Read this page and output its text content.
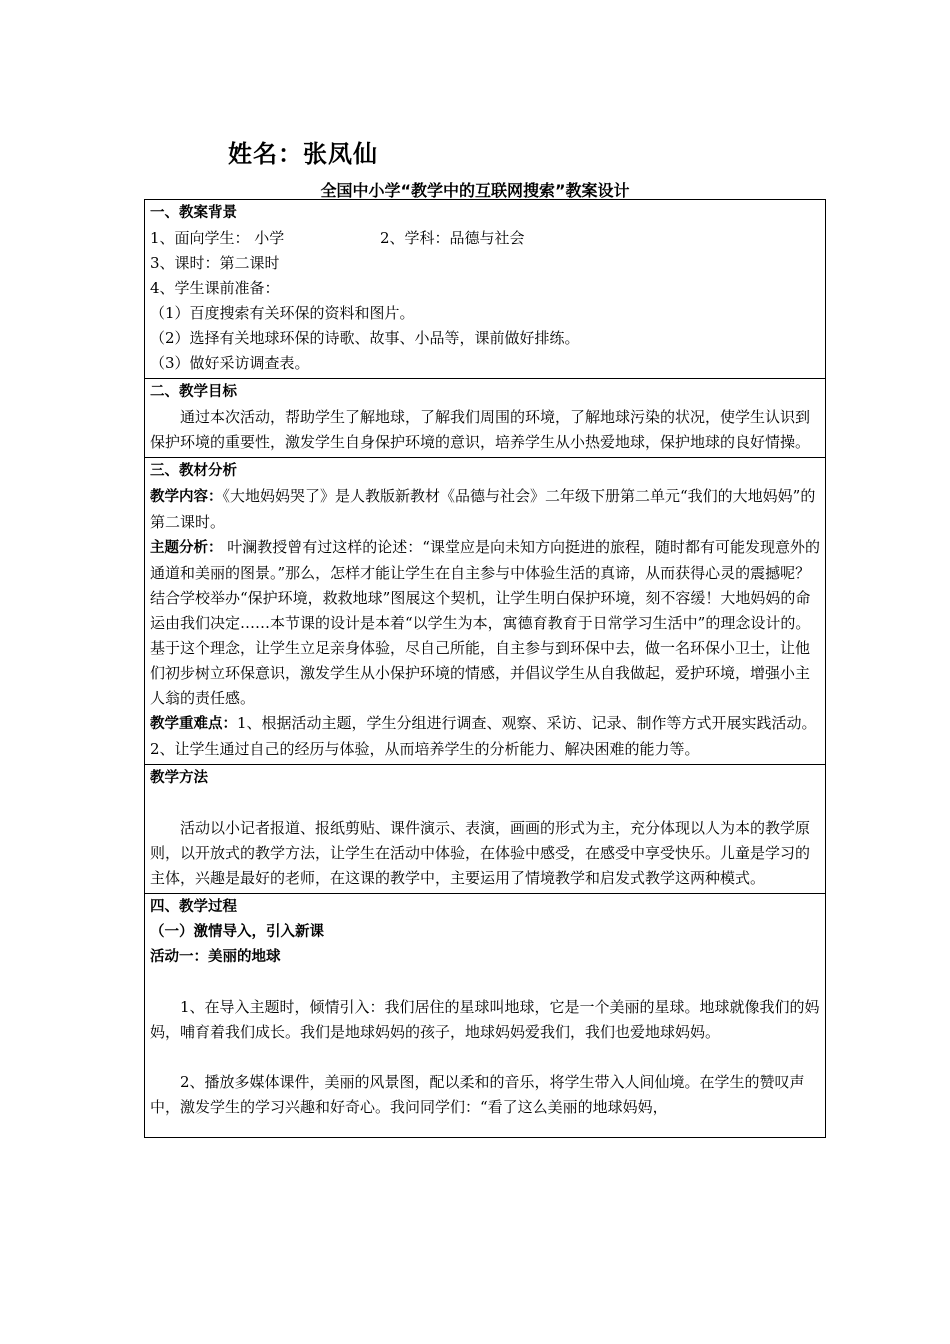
姓名：张凤仙
全国中小学“教学中的互联网搜索”教案设计

一、教案背景

1、面向学生： 小学	2、学科：品德与社会

3、课时：第二课时

4、学生课前准备：

（1）百度搜索有关环保的资料和图片。

（2）选择有关地球环保的诗歌、故事、小品等，课前做好排练。

（3）做好采访调查表。

二、教学目标

通过本次活动，帮助学生了解地球，了解我们周围的环境，了解地球污染的状况，使学生认识到保护环境的重要性，激发学生自身保护环境的意识，培养学生从小热爱地球，保护地球的良好情操。

三、教材分析

教学内容：《大地妈妈哭了》是人教版新教材《品德与社会》二年级下册第二单元“我们的大地妈妈”的第二课时。

主题分析： 叶澜教授曾有过这样的论述：“课堂应是向未知方向挺进的旅程，随时都有可能发现意外的通道和美丽的图景。”那么，怎样才能让学生在自主参与中体验生活的真谛，从而获得心灵的震撼呢？结合学校举办“保护环境，救救地球”图展这个契机，让学生明白保护环境，刻不容缓！大地妈妈的命运由我们决定……本节课的设计是本着“以学生为本，寓德育教育于日常学习生活中”的理念设计的。基于这个理念，让学生立足亲身体验，尽自己所能，自主参与到环保中去，做一名环保小卫士，让他们初步树立环保意识，激发学生从小保护环境的情感，并倡议学生从自我做起，爱护环境，增强小主人翁的责任感。

教学重难点：1、根据活动主题，学生分组进行调查、观察、采访、记录、制作等方式开展实践活动。2、让学生通过自己的经历与体验，从而培养学生的分析能力、解决困难的能力等。

教学方法

活动以小记者报道、报纸剪贴、课件演示、表演，画画的形式为主，充分体现以人为本的教学原则，以开放式的教学方法，让学生在活动中体验，在体验中感受，在感受中享受快乐。儿童是学习的主体，兴趣是最好的老师，在这课的教学中，主要运用了情境教学和启发式教学这两种模式。

四、教学过程

（一）激情导入，引入新课

活动一：美丽的地球

1、在导入主题时，倾情引入：我们居住的星球叫地球，它是一个美丽的星球。地球就像我们的妈妈，哺育着我们成长。我们是地球妈妈的孩子，地球妈妈爱我们，我们也爱地球妈妈。

2、播放多媒体课件，美丽的风景图，配以柔和的音乐，将学生带入人间仙境。在学生的赞叹声中，激发学生的学习兴趣和好奇心。我问同学们：“看了这么美丽的地球妈妈，
